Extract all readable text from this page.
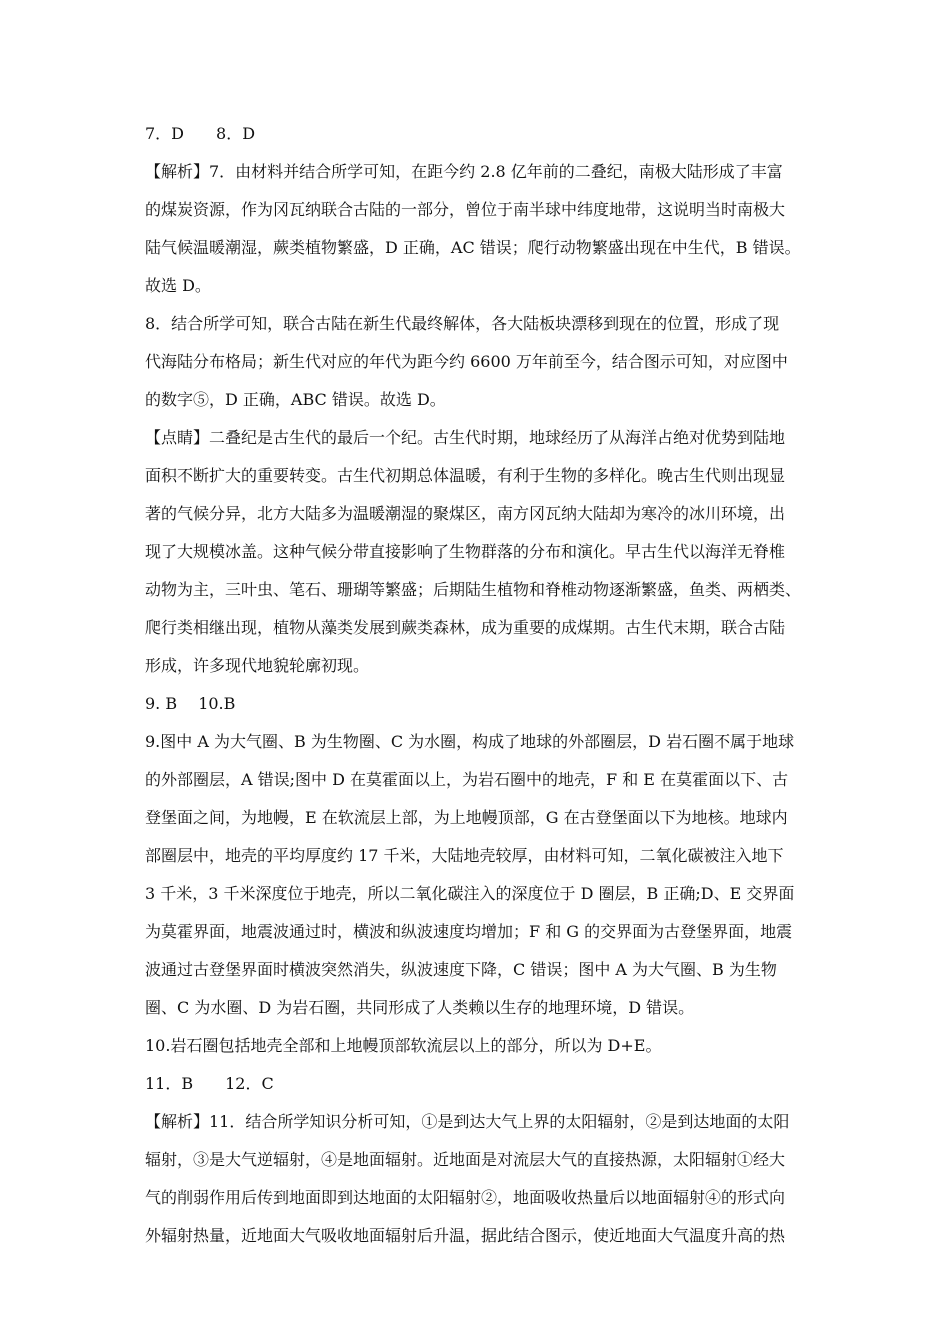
7．D　　8．D
【解析】7．由材料并结合所学可知，在距今约 2.8 亿年前的二叠纪，南极大陆形成了丰富
的煤炭资源，作为冈瓦纳联合古陆的一部分，曾位于南半球中纬度地带，这说明当时南极大
陆气候温暖潮湿，蕨类植物繁盛，D 正确，AC 错误；爬行动物繁盛出现在中生代，B 错误。
故选 D。
8．结合所学可知，联合古陆在新生代最终解体，各大陆板块漂移到现在的位置，形成了现
代海陆分布格局；新生代对应的年代为距今约 6600 万年前至今，结合图示可知，对应图中
的数字⑤，D 正确，ABC 错误。故选 D。
【点睛】二叠纪是古生代的最后一个纪。古生代时期，地球经历了从海洋占绝对优势到陆地
面积不断扩大的重要转变。古生代初期总体温暖，有利于生物的多样化。晚古生代则出现显
著的气候分异，北方大陆多为温暖潮湿的聚煤区，南方冈瓦纳大陆却为寒冷的冰川环境，出
现了大规模冰盖。这种气候分带直接影响了生物群落的分布和演化。早古生代以海洋无脊椎
动物为主，三叶虫、笔石、珊瑚等繁盛；后期陆生植物和脊椎动物逐渐繁盛，鱼类、两栖类、
爬行类相继出现，植物从藻类发展到蕨类森林，成为重要的成煤期。古生代末期，联合古陆
形成，许多现代地貌轮廓初现。
9. B　 10.B
9.图中 A 为大气圈、B 为生物圈、C 为水圈，构成了地球的外部圈层，D 岩石圈不属于地球
的外部圈层，A 错误;图中 D 在莫霍面以上，为岩石圈中的地壳，F 和 E 在莫霍面以下、古
登堡面之间，为地幔，E 在软流层上部，为上地幔顶部，G 在古登堡面以下为地核。地球内
部圈层中，地壳的平均厚度约 17 千米，大陆地壳较厚，由材料可知，二氧化碳被注入地下
3 千米，3 千米深度位于地壳，所以二氧化碳注入的深度位于 D 圈层，B 正确;D、E 交界面
为莫霍界面，地震波通过时，横波和纵波速度均增加；F 和 G 的交界面为古登堡界面，地震
波通过古登堡界面时横波突然消失，纵波速度下降，C 错误；图中 A 为大气圈、B 为生物
圈、C 为水圈、D 为岩石圈，共同形成了人类赖以生存的地理环境，D 错误。
10.岩石圈包括地壳全部和上地幔顶部软流层以上的部分，所以为 D+E。
11．B　　12．C
【解析】11．结合所学知识分析可知，①是到达大气上界的太阳辐射，②是到达地面的太阳
辐射，③是大气逆辐射，④是地面辐射。近地面是对流层大气的直接热源，太阳辐射①经大
气的削弱作用后传到地面即到达地面的太阳辐射②，地面吸收热量后以地面辐射④的形式向
外辐射热量，近地面大气吸收地面辐射后升温，据此结合图示，使近地面大气温度升高的热
